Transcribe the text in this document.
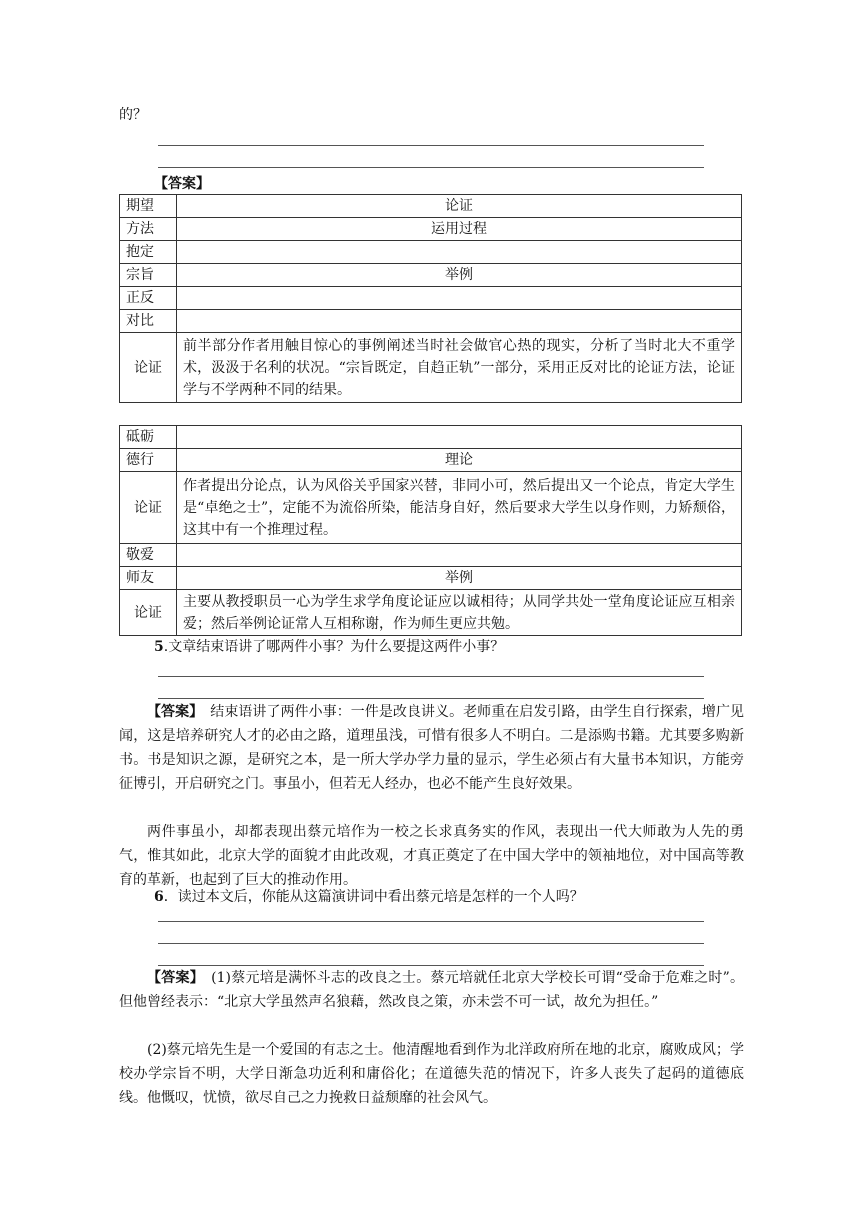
的？
【答案】
期望	论证
方法	运用过程
抱定	
宗旨	举例
正反	
对比	
论证	前半部分作者用触目惊心的事例阐述当时社会做官心热的现实，分析了当时北大不重学术，汲汲于名利的状况。“宗旨既定，自趋正轨”一部分，采用正反对比的论证方法，论证学与不学两种不同的结果。
砥砺	
德行	理论
论证	作者提出分论点，认为风俗关乎国家兴替，非同小可，然后提出又一个论点，肯定大学生是“卓绝之士”，定能不为流俗所染，能洁身自好，然后要求大学生以身作则，力矫颓俗，这其中有一个推理过程。
敬爱	
师友	举例
论证	主要从教授职员一心为学生求学角度论证应以诚相待；从同学共处一堂角度论证应互相亲爱；然后举例论证常人互相称谢，作为师生更应共勉。
5.文章结束语讲了哪两件小事？为什么要提这两件小事？
【答案】　 结束语讲了两件小事：一件是改良讲义。老师重在启发引路，由学生自行探索，增广见闻，这是培养研究人才的必由之路，道理虽浅，可惜有很多人不明白。二是添购书籍。尤其要多购新书。书是知识之源，是研究之本，是一所大学办学力量的显示，学生必须占有大量书本知识，方能旁征博引，开启研究之门。事虽小，但若无人经办，也必不能产生良好效果。
两件事虽小，却都表现出蔡元培作为一校之长求真务实的作风，表现出一代大师敢为人先的勇气，惟其如此，北京大学的面貌才由此改观，才真正奠定了在中国大学中的领袖地位，对中国高等教育的革新，也起到了巨大的推动作用。
6．读过本文后，你能从这篇演讲词中看出蔡元培是怎样的一个人吗？
【答案】　 (1)蔡元培是满怀斗志的改良之士。蔡元培就任北京大学校长可谓“受命于危难之时”。但他曾经表示：“北京大学虽然声名狼藉，然改良之策，亦未尝不可一试，故允为担任。”
(2)蔡元培先生是一个爱国的有志之士。他清醒地看到作为北洋政府所在地的北京，腐败成风；学校办学宗旨不明，大学日渐急功近利和庸俗化；在道德失范的情况下，许多人丧失了起码的道德底线。他慨叹，忧愤，欲尽自己之力挽救日益颓靡的社会风气。
